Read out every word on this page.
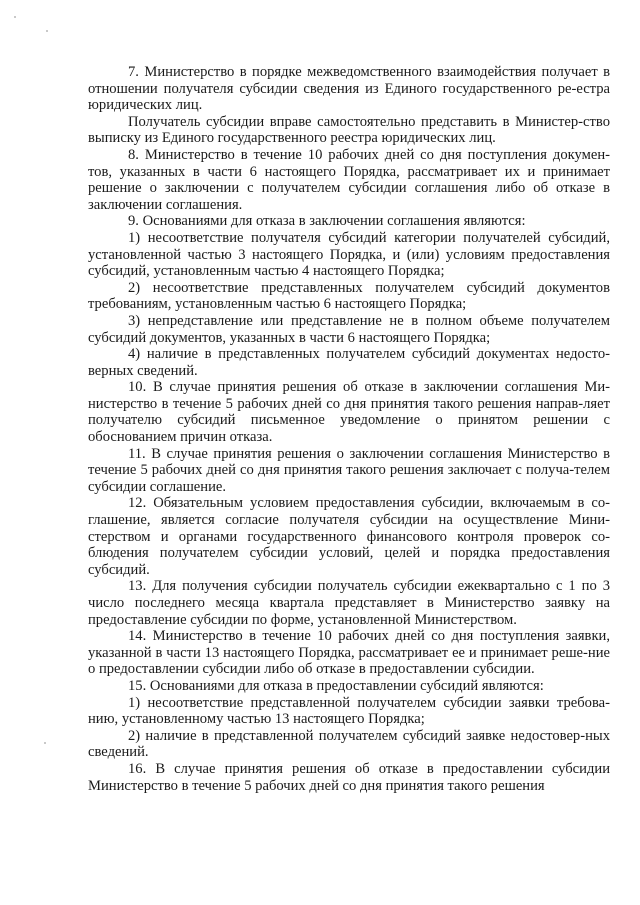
7. Министерство в порядке межведомственного взаимодействия получает в отношении получателя субсидии сведения из Единого государственного ре-естра юридических лиц.

Получатель субсидии вправе самостоятельно представить в Министер-ство выписку из Единого государственного реестра юридических лиц.

8. Министерство в течение 10 рабочих дней со дня поступления докумен-тов, указанных в части 6 настоящего Порядка, рассматривает их и принимает решение о заключении с получателем субсидии соглашения либо об отказе в заключении соглашения.

9. Основаниями для отказа в заключении соглашения являются:

1) несоответствие получателя субсидий категории получателей субсидий, установленной частью 3 настоящего Порядка, и (или) условиям предоставления субсидий, установленным частью 4 настоящего Порядка;

2) несоответствие представленных получателем субсидий документов требованиям, установленным частью 6 настоящего Порядка;

3) непредставление или представление не в полном объеме получателем субсидий документов, указанных в части 6 настоящего Порядка;

4) наличие в представленных получателем субсидий документах недосто-верных сведений.

10. В случае принятия решения об отказе в заключении соглашения Ми-нистерство в течение 5 рабочих дней со дня принятия такого решения направ-ляет получателю субсидий письменное уведомление о принятом решении с обоснованием причин отказа.

11. В случае принятия решения о заключении соглашения Министерство в течение 5 рабочих дней со дня принятия такого решения заключает с получа-телем субсидии соглашение.

12. Обязательным условием предоставления субсидии, включаемым в со-глашение, является согласие получателя субсидии на осуществление Мини-стерством и органами государственного финансового контроля проверок со-блюдения получателем субсидии условий, целей и порядка предоставления субсидий.

13. Для получения субсидии получатель субсидии ежеквартально с 1 по 3 число последнего месяца квартала представляет в Министерство заявку на предоставление субсидии по форме, установленной Министерством.

14. Министерство в течение 10 рабочих дней со дня поступления заявки, указанной в части 13 настоящего Порядка, рассматривает ее и принимает реше-ние о предоставлении субсидии либо об отказе в предоставлении субсидии.

15. Основаниями для отказа в предоставлении субсидий являются:

1) несоответствие представленной получателем субсидии заявки требова-нию, установленному частью 13 настоящего Порядка;

2) наличие в представленной получателем субсидий заявке недостовер-ных сведений.

16. В случае принятия решения об отказе в предоставлении субсидии Министерство в течение 5 рабочих дней со дня принятия такого решения
